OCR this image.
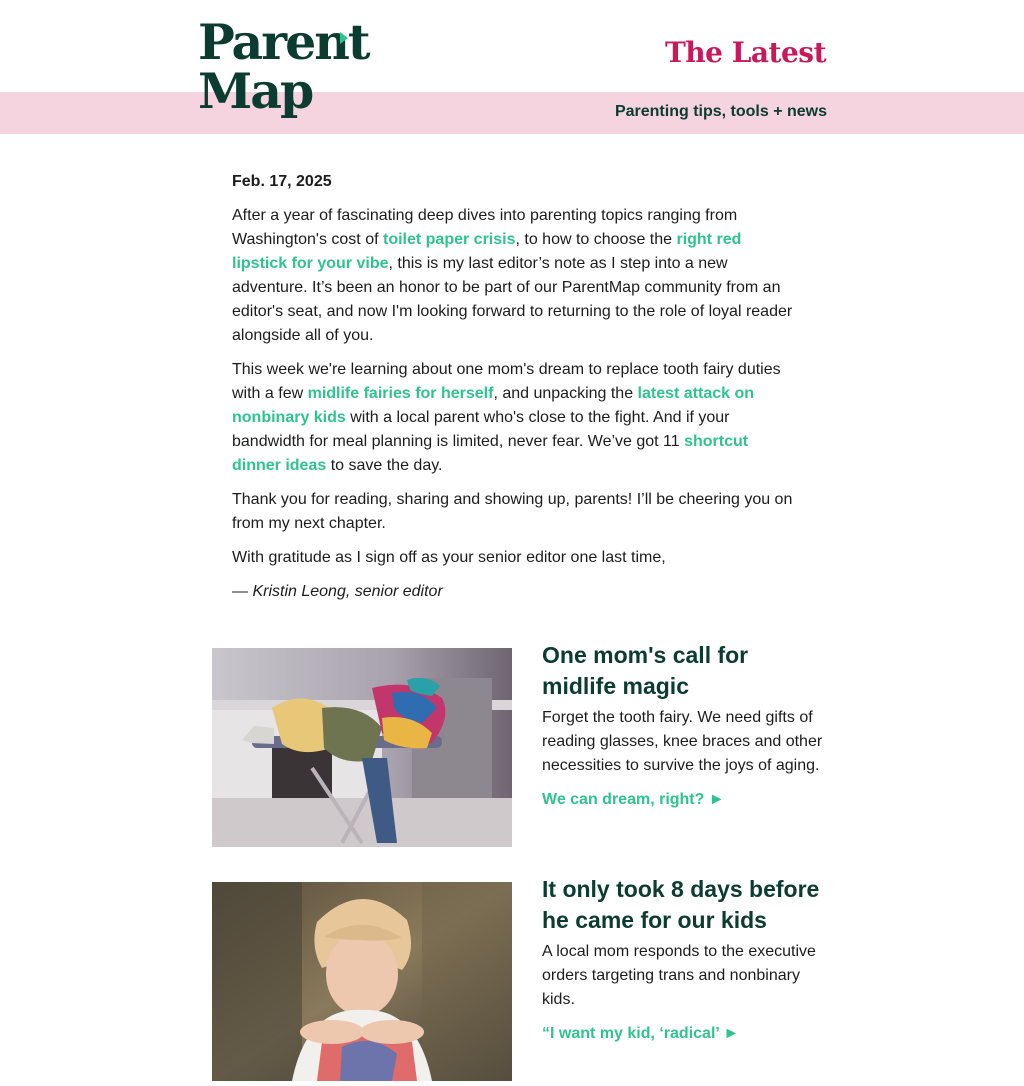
Parent
Map
The Latest
Parenting tips, tools + news
Feb. 17, 2025

After a year of fascinating deep dives into parenting topics ranging from Washington's cost of toilet paper crisis, to how to choose the right red lipstick for your vibe, this is my last editor’s note as I step into a new adventure. It’s been an honor to be part of our ParentMap community from an editor's seat, and now I'm looking forward to returning to the role of loyal reader alongside all of you.

This week we're learning about one mom's dream to replace tooth fairy duties with a few midlife fairies for herself, and unpacking the latest attack on nonbinary kids with a local parent who's close to the fight. And if your bandwidth for meal planning is limited, never fear. We’ve got 11 shortcut dinner ideas to save the day.

Thank you for reading, sharing and showing up, parents! I’ll be cheering you on from my next chapter.

With gratitude as I sign off as your senior editor one last time,

— Kristin Leong, senior editor

One mom's call for midlife magic
Forget the tooth fairy. We need gifts of reading glasses, knee braces and other necessities to survive the joys of aging.
We can dream, right? ►
It only took 8 days before he came for our kids
A local mom responds to the executive orders targeting trans and nonbinary kids.
“I want my kid, ‘radical’ ►
